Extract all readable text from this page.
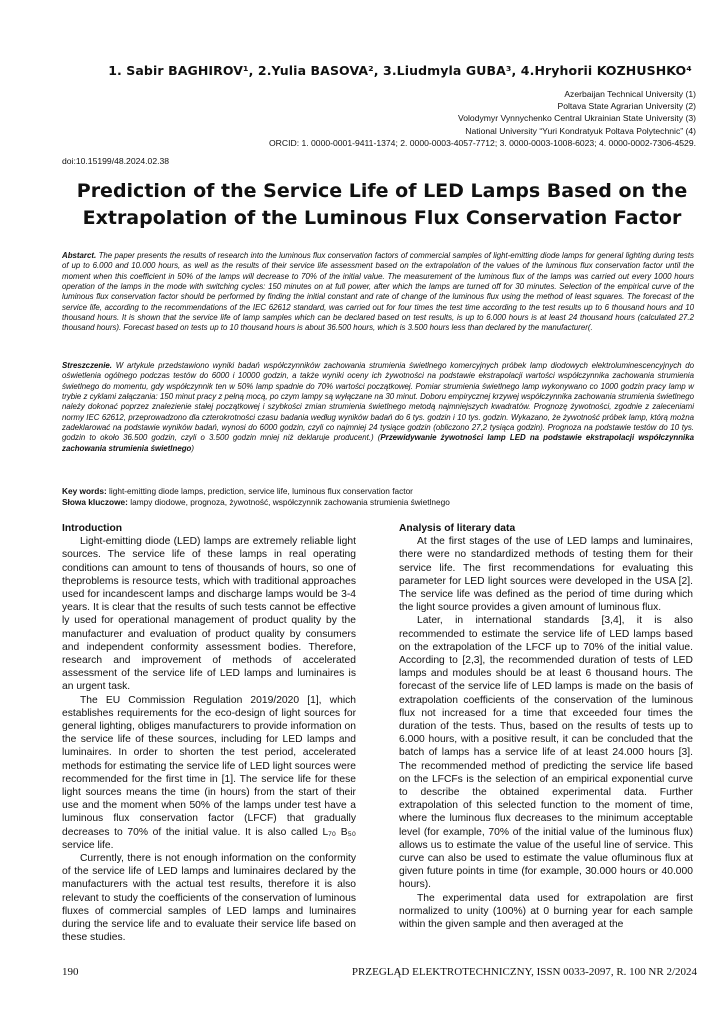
1. Sabir BAGHIROV¹, 2.Yulia BASOVA², 3.Liudmyla GUBA³, 4.Hryhorii KOZHUSHKO⁴
Azerbaijan Technical University (1)
Poltava State Agrarian University (2)
Volodymyr Vynnychenko Central Ukrainian State University (3)
National University “Yuri Kondratyuk Poltava Polytechnic” (4)
ORCID: 1. 0000-0001-9411-1374; 2. 0000-0003-4057-7712; 3. 0000-0003-1008-6023; 4. 0000-0002-7306-4529.
doi:10.15199/48.2024.02.38
Prediction of the Service Life of LED Lamps Based on the
Extrapolation of the Luminous Flux Conservation Factor
Abstarct. The paper presents the results of research into the luminous flux conservation factors of commercial samples of light-emitting diode lamps for general lighting during tests of up to 6.000 and 10.000 hours, as well as the results of their service life assessment based on the extrapolation of the values of the luminous flux conservation factor until the moment when this coefficient in 50% of the lamps will decrease to 70% of the initial value. The measurement of the luminous flux of the lamps was carried out every 1000 hours operation of the lamps in the mode with switching cycles: 150 minutes on at full power, after which the lamps are turned off for 30 minutes. Selection of the empirical curve of the luminous flux conservation factor should be performed by finding the initial constant and rate of change of the luminous flux using the method of least squares. The forecast of the service life, according to the recommendations of the IEC 62612 standard, was carried out for four times the test time according to the test results up to 6 thousand hours and 10 thousand hours. It is shown that the service life of lamp samples which can be declared based on test results, is up to 6.000 hours is at least 24 thousand hours (calculated 27.2 thousand hours). Forecast based on tests up to 10 thousand hours is about 36.500 hours, which is 3.500 hours less than declared by the manufacturer(.
Streszczenie. W artykule przedstawiono wyniki badań współczynników zachowania strumienia świetlnego komercyjnych próbek lamp diodowych elektroluminescencyjnych do oświetlenia ogólnego podczas testów do 6000 i 10000 godzin, a także wyniki oceny ich żywotności na podstawie ekstrapolacji wartości współczynnika zachowania strumienia świetlnego do momentu, gdy współczynnik ten w 50% lamp spadnie do 70% wartości początkowej. Pomiar strumienia świetlnego lamp wykonywano co 1000 godzin pracy lamp w trybie z cyklami załączania: 150 minut pracy z pełną mocą, po czym lampy są wyłączane na 30 minut. Doboru empirycznej krzywej współczynnika zachowania strumienia świetlnego należy dokonać poprzez znalezienie stałej początkowej i szybkości zmian strumienia świetlnego metodą najmniejszych kwadratów. Prognozę żywotności, zgodnie z zaleceniami normy IEC 62612, przeprowadzono dla czterokrotności czasu badania według wyników badań do 6 tys. godzin i 10 tys. godzin. Wykazano, że żywotność próbek lamp, którą można zadeklarować na podstawie wyników badań, wynosi do 6000 godzin, czyli co najmniej 24 tysiące godzin (obliczono 27,2 tysiąca godzin). Prognoza na podstawie testów do 10 tys. godzin to około 36.500 godzin, czyli o 3.500 godzin mniej niż deklaruje producent.) (Przewidywanie żywotności lamp LED na podstawie ekstrapolacji współczynnika zachowania strumienia świetlnego)
Key words: light-emitting diode lamps, prediction, service life, luminous flux conservation factor
Słowa kluczowe: lampy diodowe, prognoza, żywotność, współczynnik zachowania strumienia świetlnego
Introduction

Light-emitting diode (LED) lamps are extremely reliable light sources. The service life of these lamps in real operating conditions can amount to tens of thousands of hours, so one of theproblems is resource tests, which with traditional approaches used for incandescent lamps and discharge lamps would be 3-4 years. It is clear that the results of such tests cannot be effective ly used for operational management of product quality by the manufacturer and evaluation of product quality by consumers and independent conformity assessment bodies. Therefore, research and improvement of methods of accelerated assessment of the service life of LED lamps and luminaires is an urgent task.

The EU Commission Regulation 2019/2020 [1], which establishes requirements for the eco-design of light sources for general lighting, obliges manufacturers to provide information on the service life of these sources, including for LED lamps and luminaires. In order to shorten the test period, accelerated methods for estimating the service life of LED light sources were recommended for the first time in [1]. The service life for these light sources means the time (in hours) from the start of their use and the moment when 50% of the lamps under test have a luminous flux conservation factor (LFCF) that gradually decreases to 70% of the initial value. It is also called L₇₀ B₅₀ service life.

Currently, there is not enough information on the conformity of the service life of LED lamps and luminaires declared by the manufacturers with the actual test results, therefore it is also relevant to study the coefficients of the conservation of luminous fluxes of commercial samples of LED lamps and luminaires during the service life and to evaluate their service life based on these studies.

Analysis of literary data

At the first stages of the use of LED lamps and luminaires, there were no standardized methods of testing them for their service life. The first recommendations for evaluating this parameter for LED light sources were developed in the USA [2]. The service life was defined as the period of time during which the light source provides a given amount of luminous flux.

Later, in international standards [3,4], it is also recommended to estimate the service life of LED lamps based on the extrapolation of the LFCF up to 70% of the initial value. According to [2,3], the recommended duration of tests of LED lamps and modules should be at least 6 thousand hours. The forecast of the service life of LED lamps is made on the basis of extrapolation coefficients of the conservation of the luminous flux not increased for a time that exceeded four times the duration of the tests. Thus, based on the results of tests up to 6.000 hours, with a positive result, it can be concluded that the batch of lamps has a service life of at least 24.000 hours [3]. The recommended method of predicting the service life based on the LFCFs is the selection of an empirical exponential curve to describe the obtained experimental data. Further extrapolation of this selected function to the moment of time, where the luminous flux decreases to the minimum acceptable level (for example, 70% of the initial value of the luminous flux) allows us to estimate the value of the useful line of service. This curve can also be used to estimate the value ofluminous flux at given future points in time (for example, 30.000 hours or 40.000 hours).

The experimental data used for extrapolation are first normalized to unity (100%) at 0 burning year for each sample within the given sample and then averaged at the

190	PRZEGLĄD ELEKTROTECHNICZNY, ISSN 0033-2097, R. 100 NR 2/2024
